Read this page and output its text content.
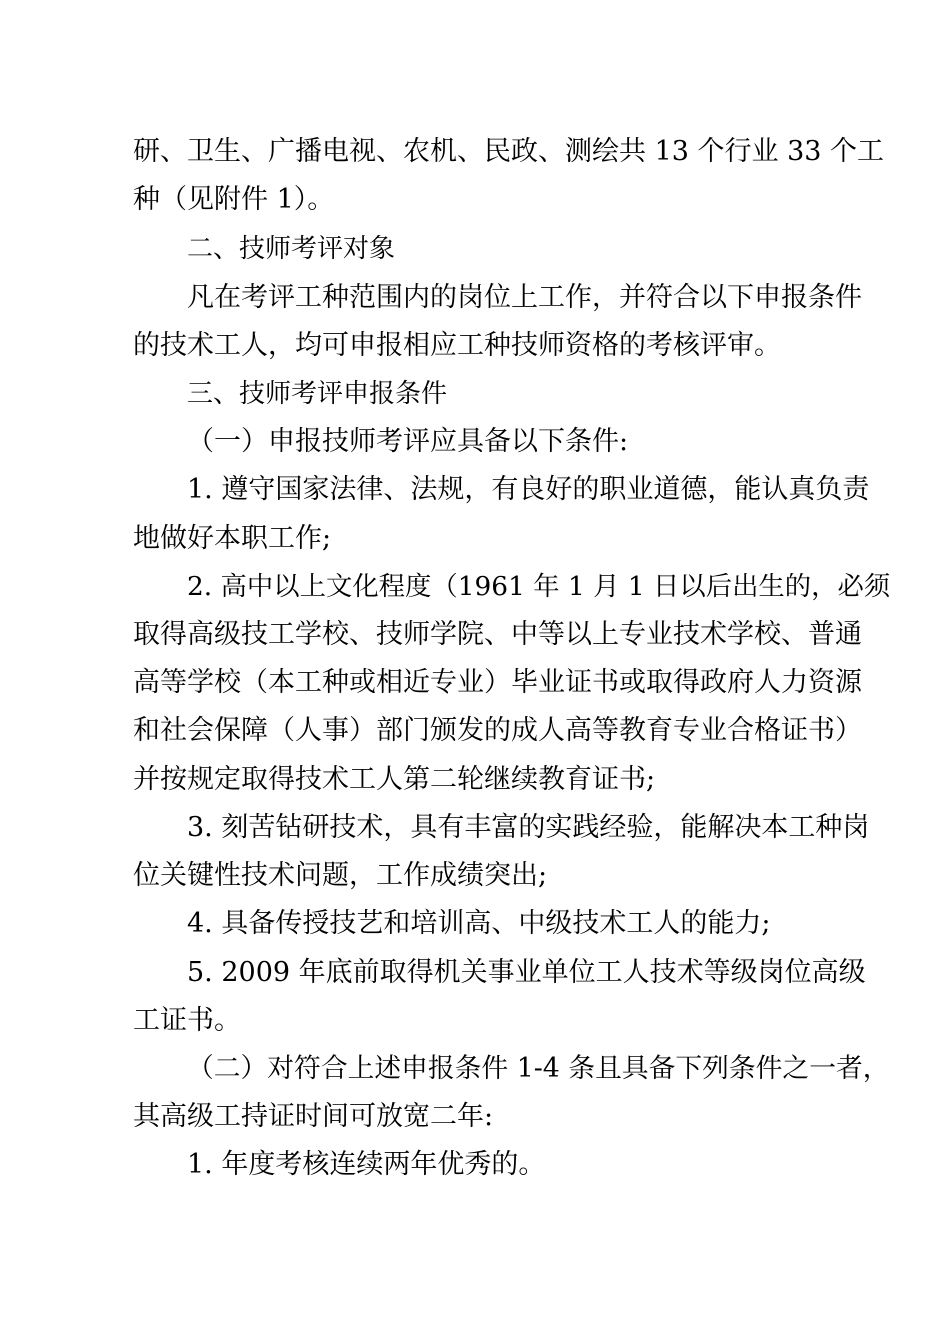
研、卫生、广播电视、农机、民政、测绘共 13 个行业 33 个工
种（见附件 1）。
二、技师考评对象
凡在考评工种范围内的岗位上工作，并符合以下申报条件
的技术工人，均可申报相应工种技师资格的考核评审。
三、技师考评申报条件
（一）申报技师考评应具备以下条件:
1. 遵守国家法律、法规，有良好的职业道德，能认真负责
地做好本职工作;
2. 高中以上文化程度（1961 年 1 月 1 日以后出生的，必须
取得高级技工学校、技师学院、中等以上专业技术学校、普通
高等学校（本工种或相近专业）毕业证书或取得政府人力资源
和社会保障（人事）部门颁发的成人高等教育专业合格证书）
并按规定取得技术工人第二轮继续教育证书;
3. 刻苦钻研技术，具有丰富的实践经验，能解决本工种岗
位关键性技术问题，工作成绩突出;
4. 具备传授技艺和培训高、中级技术工人的能力;
5. 2009 年底前取得机关事业单位工人技术等级岗位高级
工证书。
（二）对符合上述申报条件 1-4 条且具备下列条件之一者，
其高级工持证时间可放宽二年:
1. 年度考核连续两年优秀的。
